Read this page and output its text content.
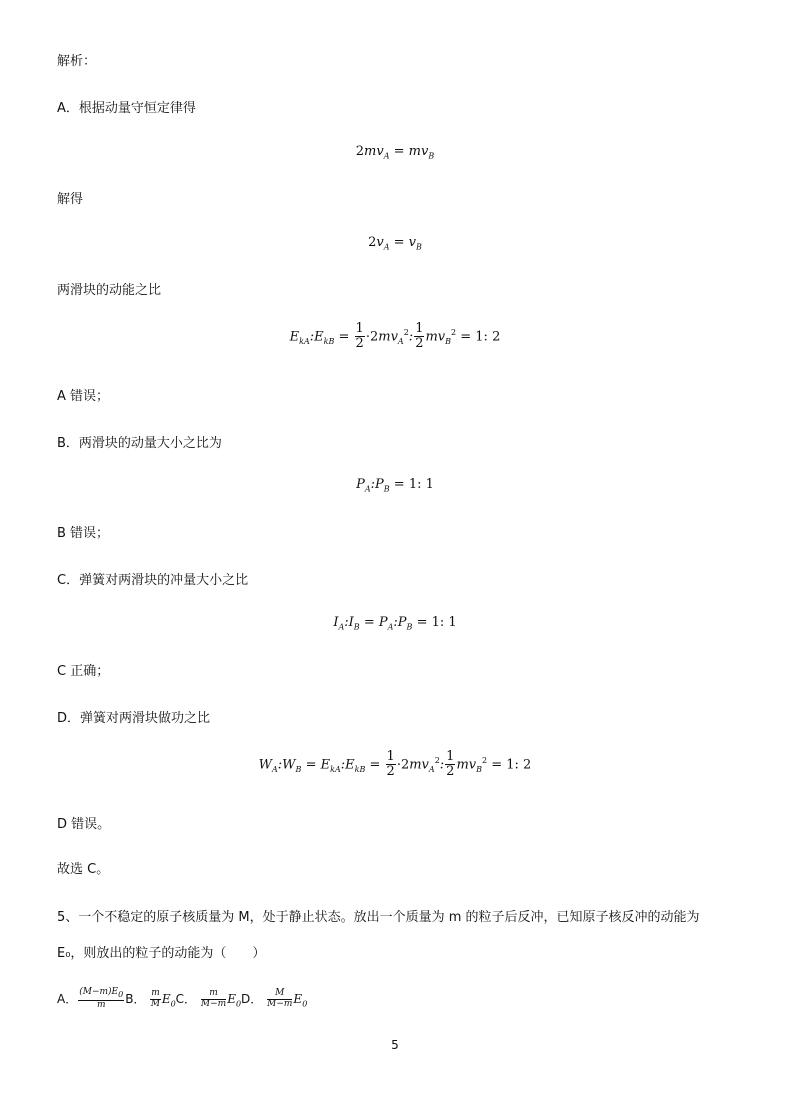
解析：
A．根据动量守恒定律得
$2mv_A = mv_B$
解得
$2v_A = v_B$
两滑块的动能之比
$E_{kA}:E_{kB} = \frac{1}{2} \cdot 2mv_A^2$: $\frac{1}{2} mv_B^2 = 1$: 2
A 错误；
B．两滑块的动量大小之比为
$P_A:P_B = 1$: 1
B 错误；
C．弹簧对两滑块的冲量大小之比
$I_A:I_B$ = $P_A:P_B = 1$: 1
C 正确；
D．弹簧对两滑块做功之比
$W_A:W_B$ = $E_{kA}:E_{kB} = \frac{1}{2} \cdot 2mv_A^2$: $\frac{1}{2} mv_B^2 = 1$: 2
D 错误。
故选 C。
5、一个不稳定的原子核质量为 M，处于静止状态。放出一个质量为 m 的粒子后反冲，已知原子核反冲的动能为
E₀，则放出的粒子的动能为（　　）
A． $\frac{(M-m)E_0}{m}$ B． $\frac{m}{M} E_0C$． $\frac{m}{M-m} E_0D$． $\frac{M}{M-m} E_0$
5
